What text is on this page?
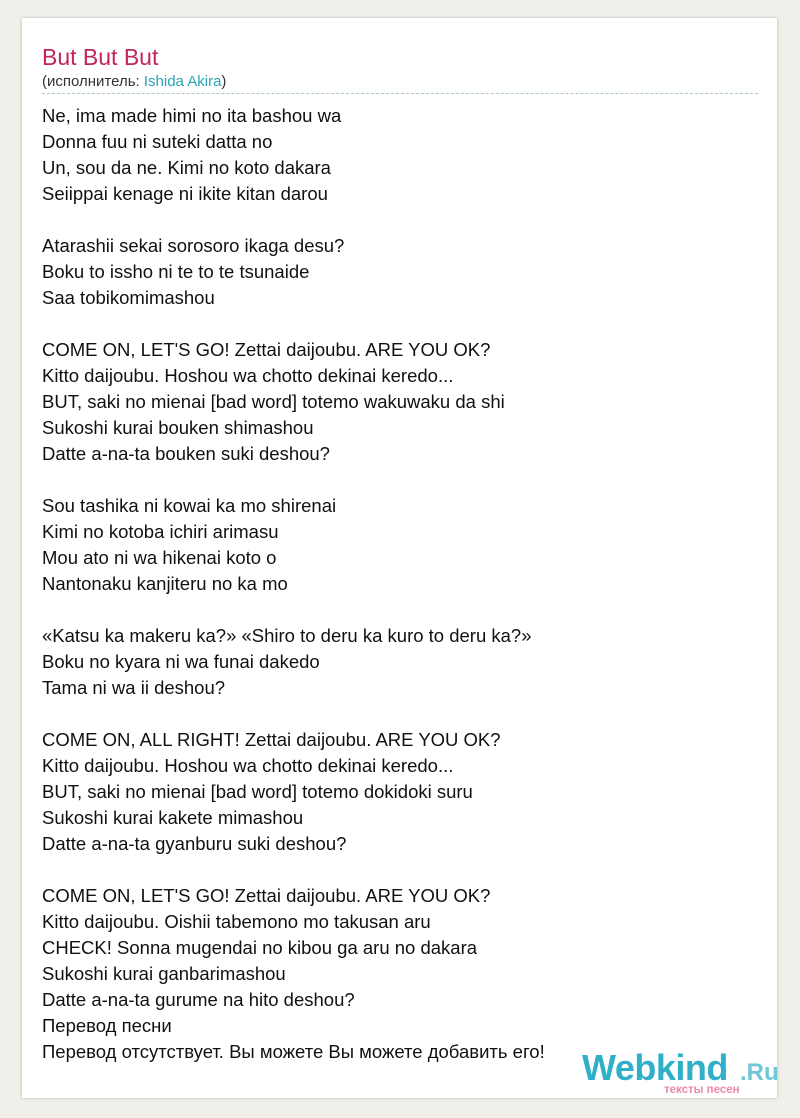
But But But
(исполнитель: Ishida Akira)
Ne, ima made himi no ita bashou wa
Donna fuu ni suteki datta no
Un, sou da ne. Kimi no koto dakara
Seiippai kenage ni ikite kitan darou
Atarashii sekai sorosoro ikaga desu?
Boku to issho ni te to te tsunaide
Saa tobikomimashou
COME ON, LET'S GO! Zettai daijoubu. ARE YOU OK?
Kitto daijoubu. Hoshou wa chotto dekinai keredo...
BUT, saki no mienai [bad word] totemo wakuwaku da shi
Sukoshi kurai bouken shimashou
Datte a-na-ta bouken suki deshou?
Sou tashika ni kowai ka mo shirenai
Kimi no kotoba ichiri arimasu
Mou ato ni wa hikenai koto o
Nantonaku kanjiteru no ka mo
«Katsu ka makeru ka?» «Shiro to deru ka kuro to deru ka?»
Boku no kyara ni wa funai dakedo
Tama ni wa ii deshou?
COME ON, ALL RIGHT! Zettai daijoubu. ARE YOU OK?
Kitto daijoubu. Hoshou wa chotto dekinai keredo...
BUT, saki no mienai [bad word] totemo dokidoki suru
Sukoshi kurai kakete mimashou
Datte a-na-ta gyanburu suki deshou?
COME ON, LET'S GO! Zettai daijoubu. ARE YOU OK?
Kitto daijoubu. Oishii tabemono mo takusan aru
CHECK! Sonna mugendai no kibou ga aru no dakara
Sukoshi kurai ganbarimashou
Datte a-na-ta gurume na hito deshou?
Перевод песни
Перевод отсутствует. Вы можете Вы можете добавить его!	Webkind .Ru
тексты песен
